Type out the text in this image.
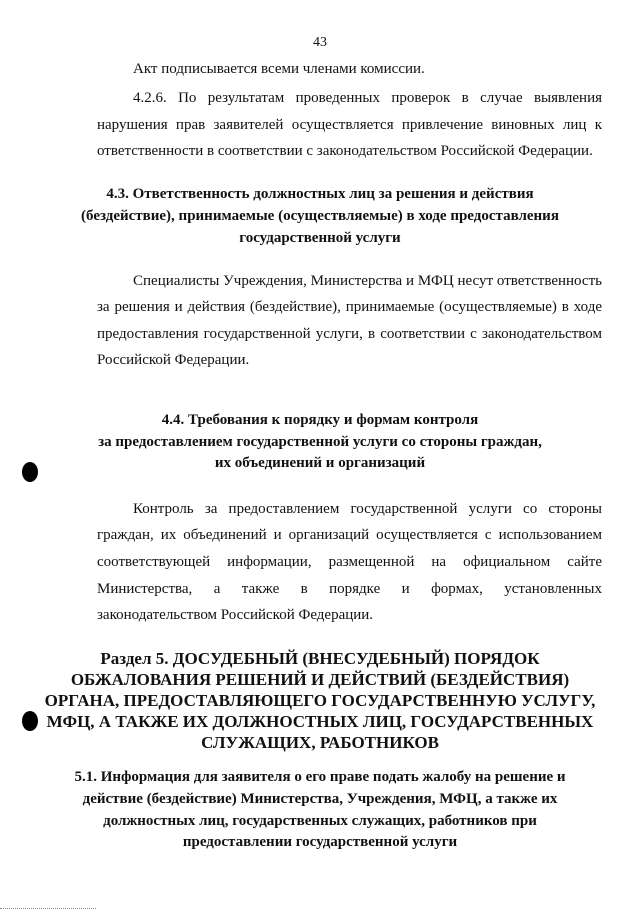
43
Акт подписывается всеми членами комиссии.
4.2.6. По результатам проведенных проверок в случае выявления
нарушения прав заявителей осуществляется привлечение виновных лиц к
ответственности в соответствии с законодательством Российской Федерации.
4.3. Ответственность должностных лиц за решения и действия
(бездействие), принимаемые (осуществляемые) в ходе предоставления
государственной услуги
Специалисты Учреждения, Министерства и МФЦ несут ответственность
за решения и действия (бездействие), принимаемые (осуществляемые) в ходе
предоставления государственной услуги, в соответствии с законодательством
Российской Федерации.
4.4. Требования к порядку и формам контроля
за предоставлением государственной услуги со стороны граждан,
их объединений и организаций
Контроль за предоставлением государственной услуги со стороны
граждан, их объединений и организаций осуществляется с использованием
соответствующей информации, размещенной на официальном сайте
Министерства, а также в порядке и формах, установленных
законодательством Российской Федерации.
Раздел 5. ДОСУДЕБНЫЙ (ВНЕСУДЕБНЫЙ) ПОРЯДОК
ОБЖАЛОВАНИЯ РЕШЕНИЙ И ДЕЙСТВИЙ (БЕЗДЕЙСТВИЯ)
ОРГАНА, ПРЕДОСТАВЛЯЮЩЕГО ГОСУДАРСТВЕННУЮ УСЛУГУ,
МФЦ, А ТАКЖЕ ИХ ДОЛЖНОСТНЫХ ЛИЦ, ГОСУДАРСТВЕННЫХ
СЛУЖАЩИХ, РАБОТНИКОВ
5.1. Информация для заявителя о его праве подать жалобу на решение и
действие (бездействие) Министерства, Учреждения, МФЦ, а также их
должностных лиц, государственных служащих, работников при
предоставлении государственной услуги
